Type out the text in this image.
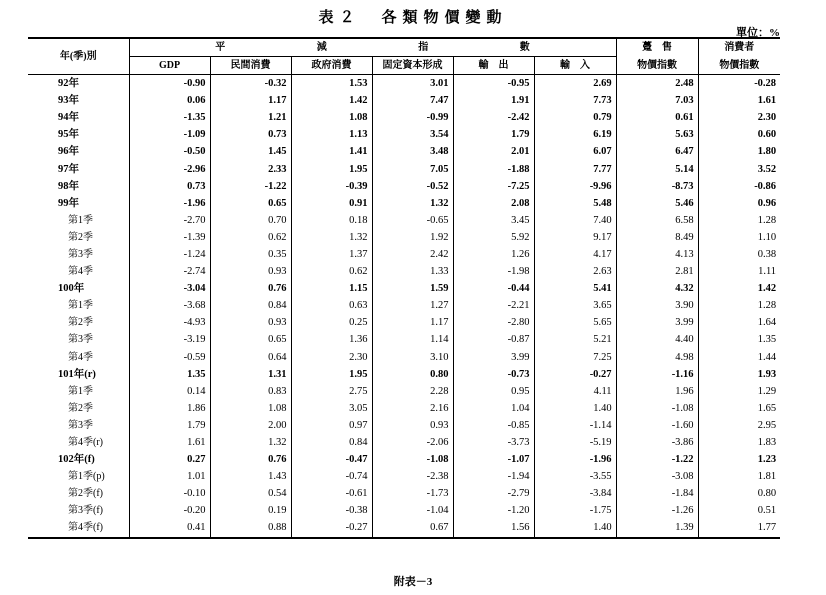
表２　各類物價變動
單位：%
年(季)別	平 減 指 數						躉　售	消費者
	GDP	民間消費	政府消費	固定資本形成	輸　出	輸　入	物價指數	物價指數
92年	-0.90	-0.32	1.53	3.01	-0.95	2.69	2.48	-0.28
93年	0.06	1.17	1.42	7.47	1.91	7.73	7.03	1.61
94年	-1.35	1.21	1.08	-0.99	-2.42	0.79	0.61	2.30
95年	-1.09	0.73	1.13	3.54	1.79	6.19	5.63	0.60
96年	-0.50	1.45	1.41	3.48	2.01	6.07	6.47	1.80
97年	-2.96	2.33	1.95	7.05	-1.88	7.77	5.14	3.52
98年	0.73	-1.22	-0.39	-0.52	-7.25	-9.96	-8.73	-0.86
99年	-1.96	0.65	0.91	1.32	2.08	5.48	5.46	0.96
第1季	-2.70	0.70	0.18	-0.65	3.45	7.40	6.58	1.28
第2季	-1.39	0.62	1.32	1.92	5.92	9.17	8.49	1.10
第3季	-1.24	0.35	1.37	2.42	1.26	4.17	4.13	0.38
第4季	-2.74	0.93	0.62	1.33	-1.98	2.63	2.81	1.11
100年	-3.04	0.76	1.15	1.59	-0.44	5.41	4.32	1.42
第1季	-3.68	0.84	0.63	1.27	-2.21	3.65	3.90	1.28
第2季	-4.93	0.93	0.25	1.17	-2.80	5.65	3.99	1.64
第3季	-3.19	0.65	1.36	1.14	-0.87	5.21	4.40	1.35
第4季	-0.59	0.64	2.30	3.10	3.99	7.25	4.98	1.44
101年(r)	1.35	1.31	1.95	0.80	-0.73	-0.27	-1.16	1.93
第1季	0.14	0.83	2.75	2.28	0.95	4.11	1.96	1.29
第2季	1.86	1.08	3.05	2.16	1.04	1.40	-1.08	1.65
第3季	1.79	2.00	0.97	0.93	-0.85	-1.14	-1.60	2.95
第4季(r)	1.61	1.32	0.84	-2.06	-3.73	-5.19	-3.86	1.83
102年(f)	0.27	0.76	-0.47	-1.08	-1.07	-1.96	-1.22	1.23
第1季(p)	1.01	1.43	-0.74	-2.38	-1.94	-3.55	-3.08	1.81
第2季(f)	-0.10	0.54	-0.61	-1.73	-2.79	-3.84	-1.84	0.80
第3季(f)	-0.20	0.19	-0.38	-1.04	-1.20	-1.75	-1.26	0.51
第4季(f)	0.41	0.88	-0.27	0.67	1.56	1.40	1.39	1.77
附表－3
